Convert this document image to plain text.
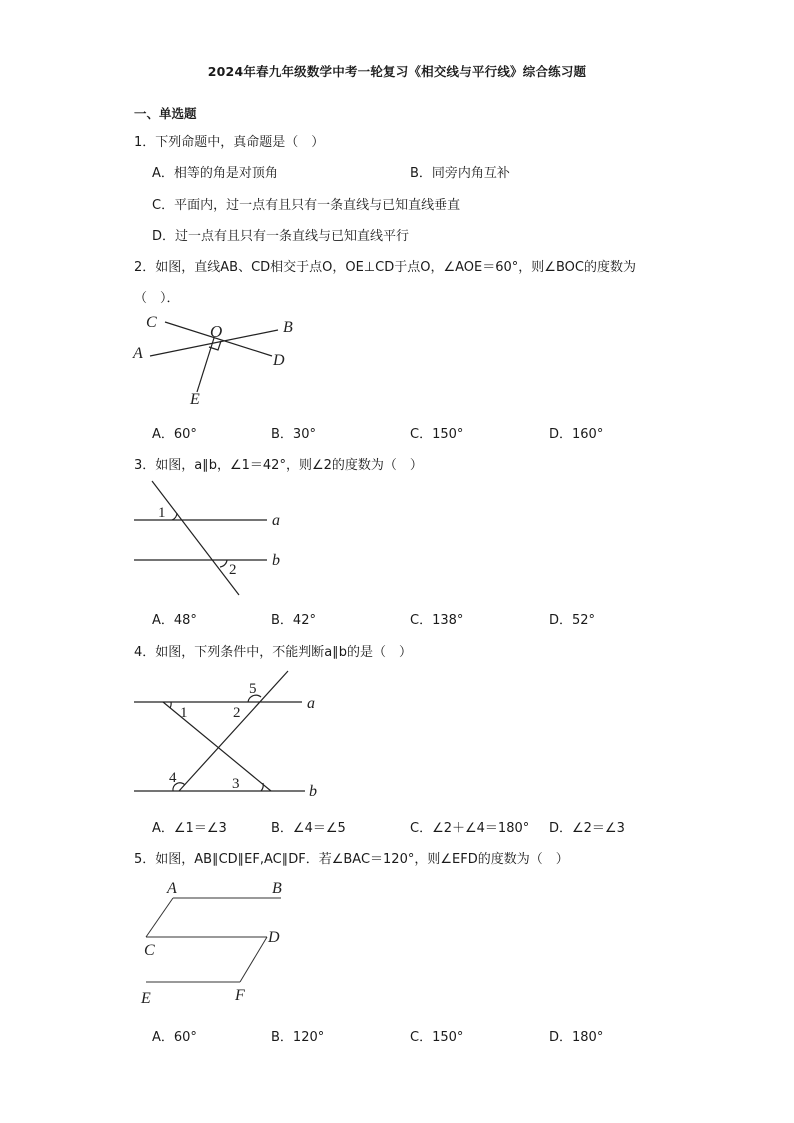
2024年春九年级数学中考一轮复习《相交线与平行线》综合练习题
一、单选题
1．下列命题中，真命题是（　）
A．相等的角是对顶角	B．同旁内角互补
C．平面内，过一点有且只有一条直线与已知直线垂直
D．过一点有且只有一条直线与已知直线平行
2．如图，直线AB、CD相交于点O，OE⊥CD于点O，∠AOE＝60°，则∠BOC的度数为
（　）．
C	O	B
A	D
E
A．60°	B．30°	C．150°	D．160°
3．如图，a∥b，∠1＝42°，则∠2的度数为（　）
1
2
a
b
A．48°	B．42°	C．138°	D．52°
4．如图，下列条件中，不能判断a∥b的是（　）
1	2
5
4	3
a
b
A．∠1＝∠3	B．∠4＝∠5	C．∠2＋∠4＝180° D．∠2＝∠3
5．如图，AB∥CD∥EF,AC∥DF．若∠BAC＝120°，则∠EFD的度数为（　）
A	B
C
D
E	F
A．60°	B．120°	C．150°	D．180°
